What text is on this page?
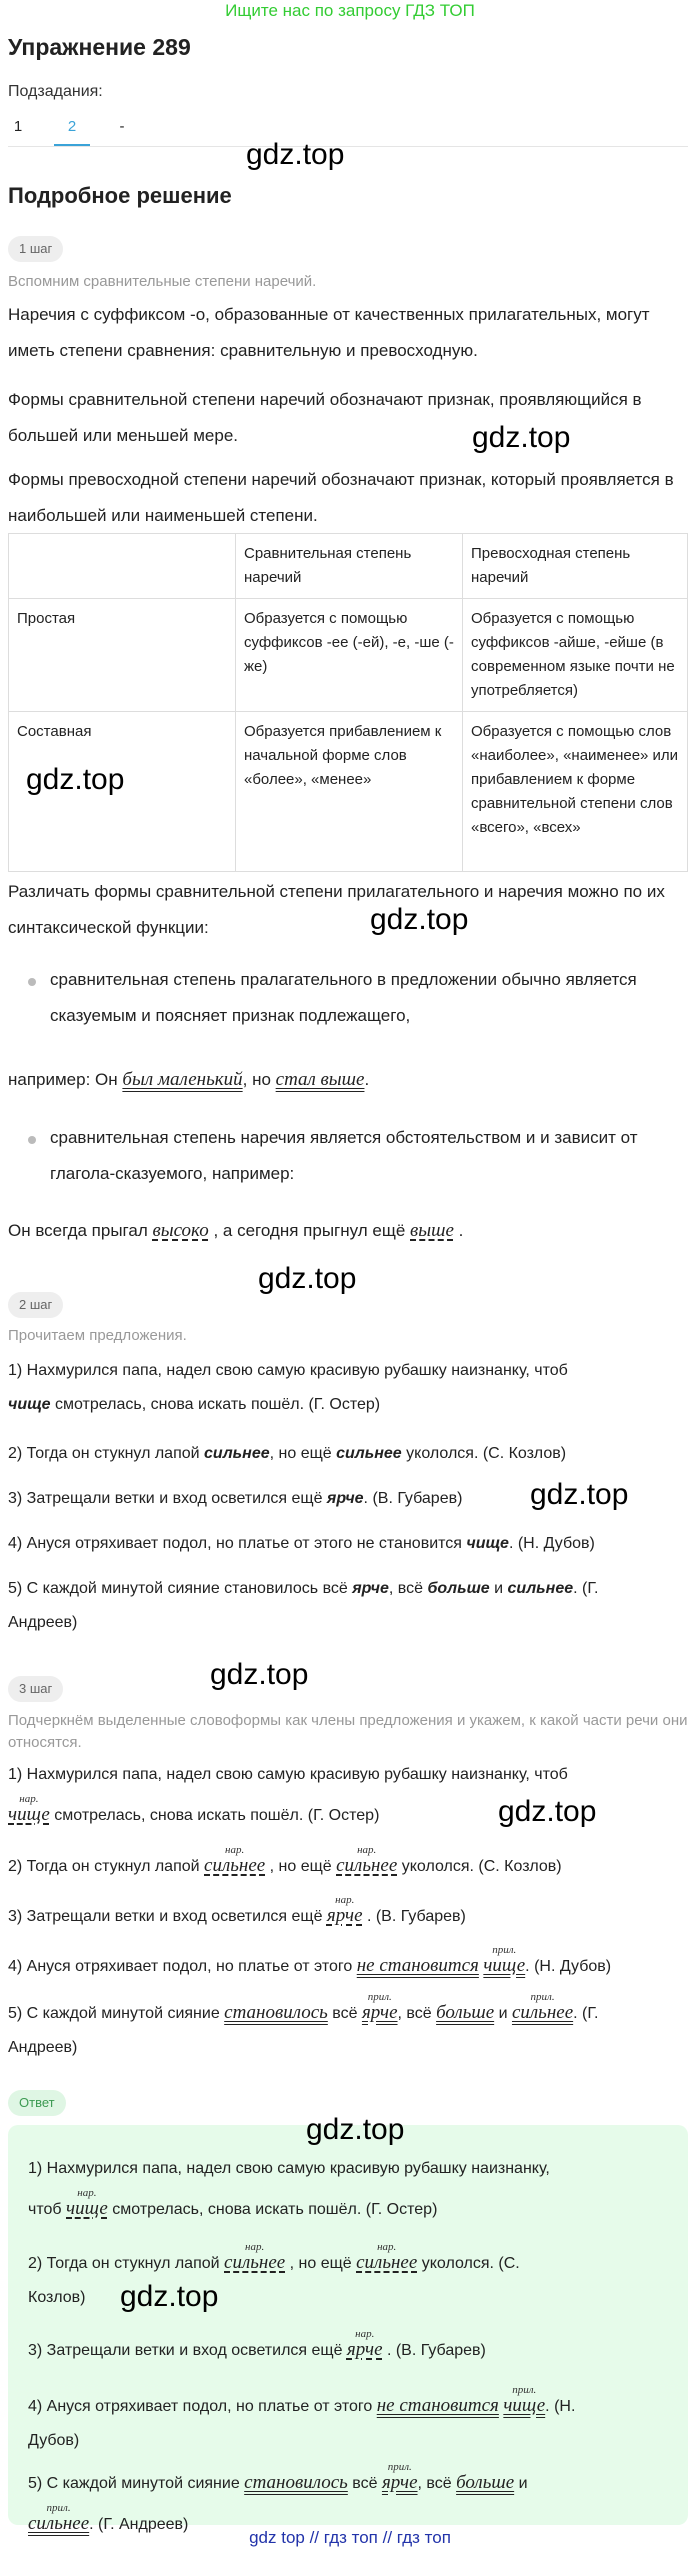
Ищите нас по запросу ГДЗ ТОП
Упражнение 289
Подзадания:
1	2	-
gdz.top
Подробное решение
1 шаг
Вспомним сравнительные степени наречий.
Наречия с суффиксом -о, образованные от качественных прилагательных, могут иметь степени сравнения: сравнительную и превосходную.
Формы сравнительной степени наречий обозначают признак, проявляющийся в большей или меньшей мере.	gdz.top
Формы превосходной степени наречий обозначают признак, который проявляется в наибольшей или наименьшей степени.
	Сравнительная степень наречий	Превосходная степень наречий
Простая	Образуется с помощью суффиксов -ее (-ей), -е, -ше (-же)	Образуется с помощью суффиксов -айше, -ейше (в современном языке почти не употребляется)
Составная	Образуется прибавлением к начальной форме слов «более», «менее»	Образуется с помощью слов «наиболее», «наименее» или прибавлением к форме сравнительной степени слов «всего», «всех»
gdz.top
Различать формы сравнительной степени прилагательного и наречия можно по их синтаксической функции:	gdz.top
сравнительная степень пралагательного в предложении обычно является сказуемым и поясняет признак подлежащего,
например: Он был маленький, но стал выше.
сравнительная степень наречия является обстоятельством и и зависит от глагола-сказуемого, например:
Он всегда прыгал высоко , а сегодня прыгнул ещё выше .
gdz.top
2 шаг
Прочитаем предложения.
1) Нахмурился папа, надел свою самую красивую рубашку наизнанку, чтоб
чище смотрелась, снова искать пошёл. (Г. Остер)
2) Тогда он стукнул лапой сильнее, но ещё сильнее укололся. (С. Козлов)
3) Затрещали ветки и вход осветился ещё ярче. (В. Губарев)	gdz.top
4) Ануся отряхивает подол, но платье от этого не становится чище. (Н. Дубов)
5) С каждой минутой сияние становилось всё ярче, всё больше и сильнее. (Г.
Андреев)
gdz.top
3 шаг
Подчеркнём выделенные словоформы как члены предложения и укажем, к какой части речи они относятся.
1) Нахмурился папа, надел свою самую красивую рубашку наизнанку, чтоб

нар.
чище смотрелась, снова искать пошёл. (Г. Остер)	gdz.top
2) Тогда он стукнул лапой
нар.
сильнее , но ещё
нар.
сильнее укололся. (С. Козлов)
3) Затрещали ветки и вход осветился ещё
нар.
ярче . (В. Губарев)
4) Ануся отряхивает подол, но платье от этого не становится
прил.
чище. (Н. Дубов)
5) С каждой минутой сияние становилось всё
прил.
ярче, всё больше и
прил.
сильнее. (Г.
Андреев)
Ответ
gdz.top
1) Нахмурился папа, надел свою самую красивую рубашку наизнанку,
чтоб
нар.
чище смотрелась, снова искать пошёл. (Г. Остер)
2) Тогда он стукнул лапой
нар.
сильнее , но ещё
нар.
сильнее укололся. (С.
Козлов)	gdz.top
3) Затрещали ветки и вход осветился ещё
нар.
ярче . (В. Губарев)
4) Ануся отряхивает подол, но платье от этого не становится
прил.
чище. (Н.
Дубов)
5) С каждой минутой сияние становилось всё
прил.
ярче, всё больше и

прил.
сильнее. (Г. Андреев)
gdz top // гдз топ // гдз топ
